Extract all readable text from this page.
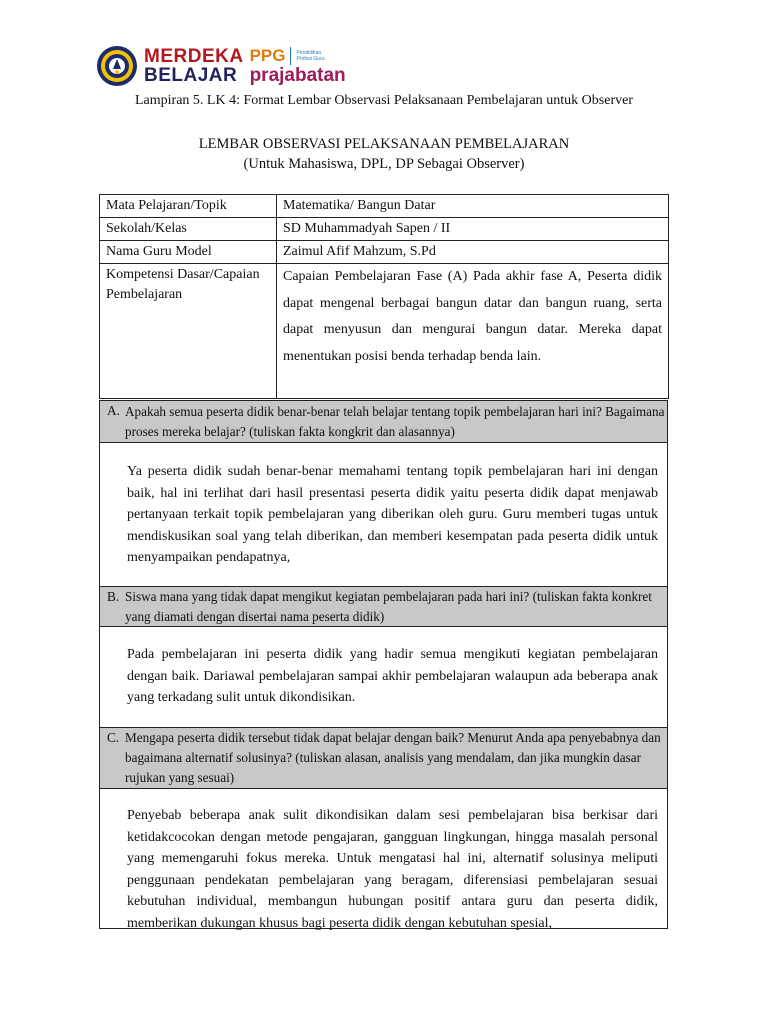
MERDEKA
BELAJAR
PPG Pendidikan Profesi Guru
prajabatan
Lampiran 5. LK 4: Format Lembar Observasi Pelaksanaan Pembelajaran untuk Observer
LEMBAR OBSERVASI PELAKSANAAN PEMBELAJARAN
(Untuk Mahasiswa, DPL, DP Sebagai Observer)
Mata Pelajaran/Topik	Matematika/ Bangun Datar
Sekolah/Kelas	SD Muhammadyah Sapen / II
Nama Guru Model	Zaimul Afif Mahzum, S.Pd
Kompetensi Dasar/Capaian Pembelajaran	Capaian Pembelajaran Fase (A) Pada akhir fase A, Peserta didik dapat mengenal berbagai bangun datar dan bangun ruang, serta dapat menyusun dan mengurai bangun datar. Mereka dapat menentukan posisi benda terhadap benda lain.
A. Apakah semua peserta didik benar-benar telah belajar tentang topik pembelajaran hari ini? Bagaimana proses mereka belajar? (tuliskan fakta kongkrit dan alasannya)
Ya peserta didik sudah benar-benar memahami tentang topik pembelajaran hari ini dengan baik, hal ini terlihat dari hasil presentasi peserta didik yaitu peserta didik dapat menjawab pertanyaan terkait topik pembelajaran yang diberikan oleh guru. Guru memberi tugas untuk mendiskusikan soal yang telah diberikan, dan memberi kesempatan pada peserta didik untuk menyampaikan pendapatnya,
B. Siswa mana yang tidak dapat mengikut kegiatan pembelajaran pada hari ini? (tuliskan fakta konkret yang diamati dengan disertai nama peserta didik)
Pada pembelajaran ini peserta didik yang hadir semua mengikuti kegiatan pembelajaran dengan baik. Dariawal pembelajaran sampai akhir pembelajaran walaupun ada beberapa anak yang terkadang sulit untuk dikondisikan.
C. Mengapa peserta didik tersebut tidak dapat belajar dengan baik? Menurut Anda apa penyebabnya dan bagaimana alternatif solusinya? (tuliskan alasan, analisis yang mendalam, dan jika mungkin dasar rujukan yang sesuai)
Penyebab beberapa anak sulit dikondisikan dalam sesi pembelajaran bisa berkisar dari ketidakcocokan dengan metode pengajaran, gangguan lingkungan, hingga masalah personal yang memengaruhi fokus mereka. Untuk mengatasi hal ini, alternatif solusinya meliputi penggunaan pendekatan pembelajaran yang beragam, diferensiasi pembelajaran sesuai kebutuhan individual, membangun hubungan positif antara guru dan peserta didik, memberikan dukungan khusus bagi peserta didik dengan kebutuhan spesial,
